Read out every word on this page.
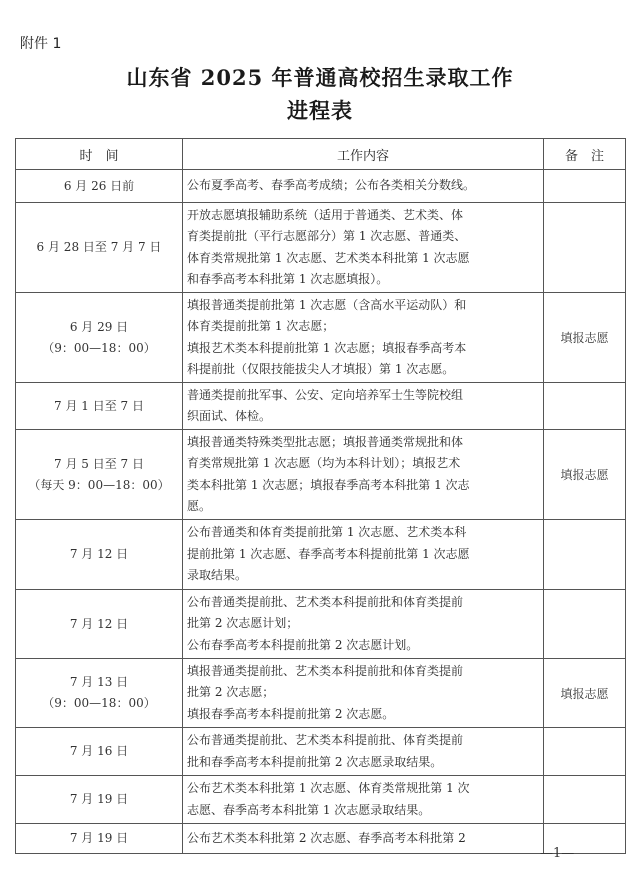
附件 1
山东省 2025 年普通高校招生录取工作
进程表
时　间	工作内容	备　注

6 月 26 日前	公布夏季高考、春季高考成绩；公布各类相关分数线。	

6 月 28 日至 7 月 7 日	开放志愿填报辅助系统（适用于普通类、艺术类、体
育类提前批（平行志愿部分）第 1 次志愿、普通类、
体育类常规批第 1 次志愿、艺术类本科批第 1 次志愿
和春季高考本科批第 1 次志愿填报）。	

6 月 29 日
（9：00—18：00）	填报普通类提前批第 1 次志愿（含高水平运动队）和
体育类提前批第 1 次志愿；
填报艺术类本科提前批第 1 次志愿；填报春季高考本
科提前批（仅限技能拔尖人才填报）第 1 次志愿。	填报志愿

7 月 1 日至 7 日	普通类提前批军事、公安、定向培养军士生等院校组
织面试、体检。	

7 月 5 日至 7 日
（每天 9：00—18：00）	填报普通类特殊类型批志愿；填报普通类常规批和体
育类常规批第 1 次志愿（均为本科计划）；填报艺术
类本科批第 1 次志愿；填报春季高考本科批第 1 次志
愿。	填报志愿

7 月 12 日	公布普通类和体育类提前批第 1 次志愿、艺术类本科
提前批第 1 次志愿、春季高考本科提前批第 1 次志愿
录取结果。	

7 月 12 日	公布普通类提前批、艺术类本科提前批和体育类提前
批第 2 次志愿计划；
公布春季高考本科提前批第 2 次志愿计划。	

7 月 13 日
（9：00—18：00）	填报普通类提前批、艺术类本科提前批和体育类提前
批第 2 次志愿；
填报春季高考本科提前批第 2 次志愿。	填报志愿

7 月 16 日	公布普通类提前批、艺术类本科提前批、体育类提前
批和春季高考本科提前批第 2 次志愿录取结果。	

7 月 19 日	公布艺术类本科批第 1 次志愿、体育类常规批第 1 次
志愿、春季高考本科批第 1 次志愿录取结果。	

7 月 19 日	公布艺术类本科批第 2 次志愿、春季高考本科批第 2	

—1—
